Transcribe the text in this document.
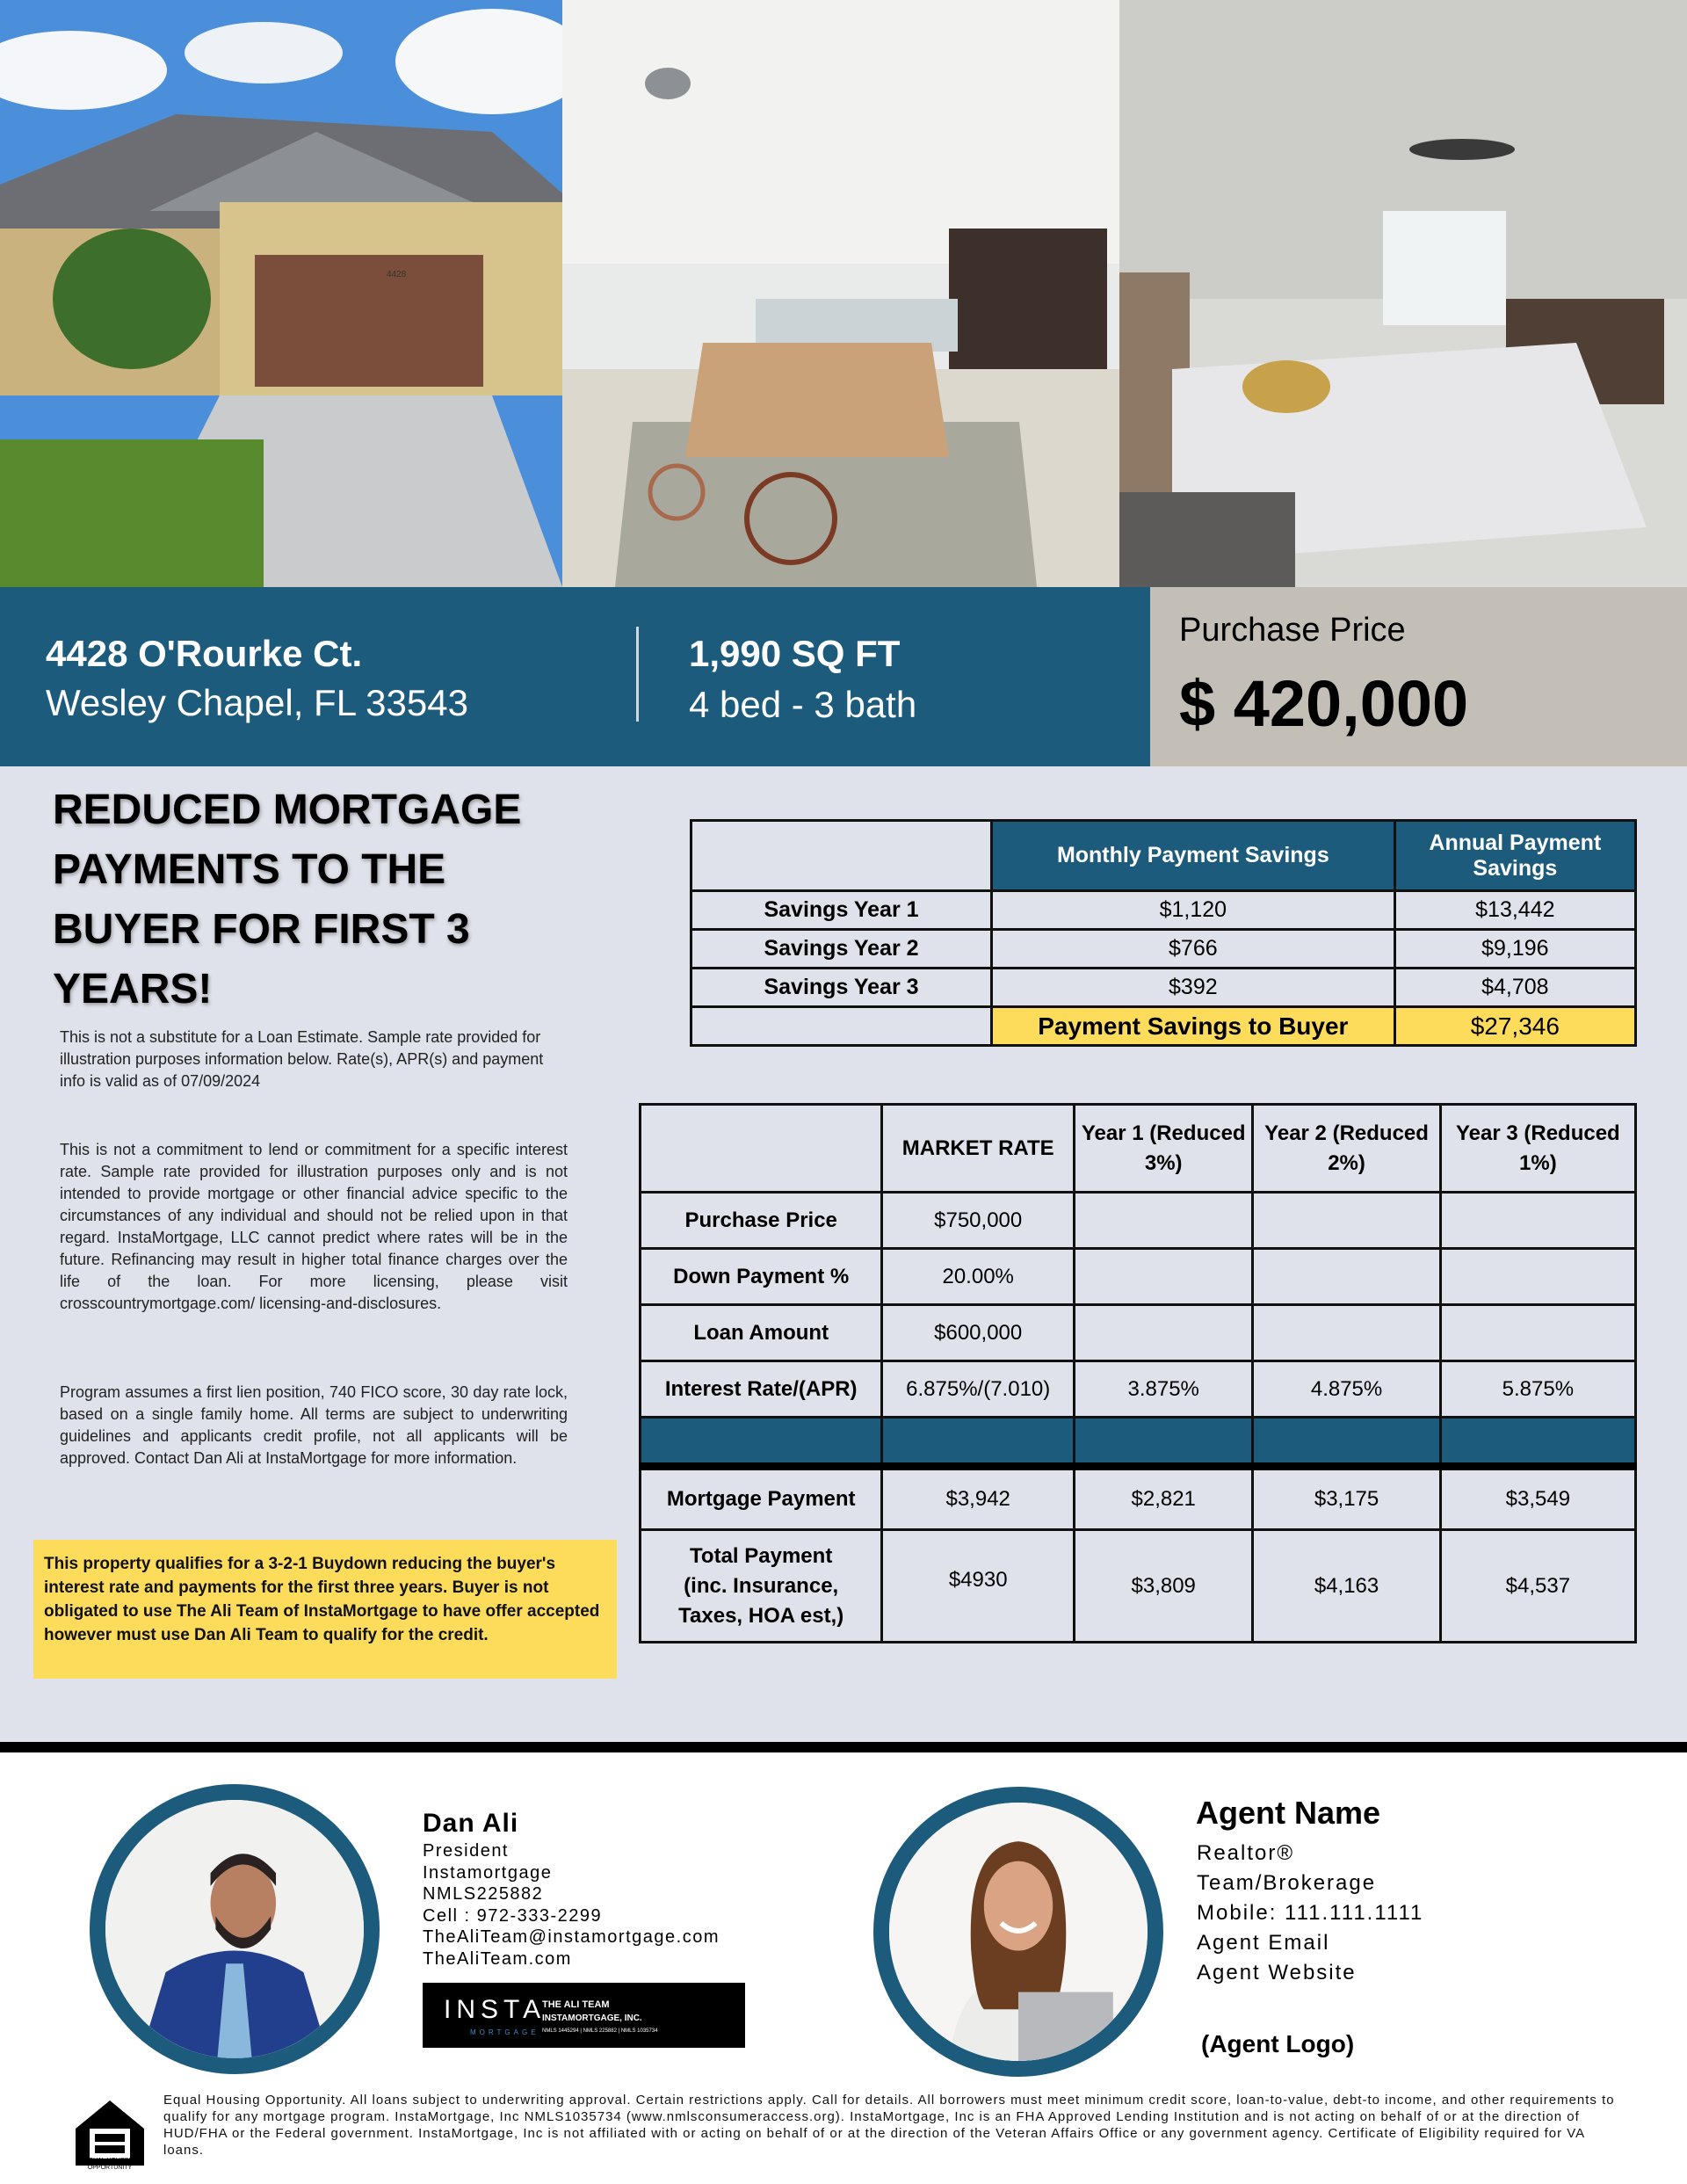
4428
4428 O'Rourke Ct.
Wesley Chapel, FL 33543
1,990 SQ FT
4 bed - 3 bath
Purchase Price
$ 420,000
REDUCED MORTGAGE PAYMENTS TO THE BUYER FOR FIRST 3 YEARS!
This is not a substitute for a Loan Estimate. Sample rate provided for illustration purposes information below. Rate(s), APR(s) and payment info is valid as of 07/09/2024
This is not a commitment to lend or commitment for a specific interest rate. Sample rate provided for illustration purposes only and is not intended to provide mortgage or other financial advice specific to the circumstances of any individual and should not be relied upon in that regard. InstaMortgage, LLC cannot predict where rates will be in the future. Refinancing may result in higher total finance charges over the life of the loan. For more licensing, please visit crosscountrymortgage.com/ licensing-and-disclosures.
Program assumes a first lien position, 740 FICO score, 30 day rate lock, based on a single family home. All terms are subject to underwriting guidelines and applicants credit profile, not all applicants will be approved. Contact Dan Ali at InstaMortgage for more information.
This property qualifies for a 3-2-1 Buydown reducing the buyer's interest rate and payments for the first three years. Buyer is not obligated to use The Ali Team of InstaMortgage to have offer accepted however must use Dan Ali Team to qualify for the credit.
	Monthly Payment Savings	Annual Payment Savings
Savings Year 1	$1,120	$13,442
Savings Year 2	$766	$9,196
Savings Year 3	$392	$4,708
	Payment Savings to Buyer	$27,346
	MARKET RATE	Year 1 (Reduced 3%)	Year 2 (Reduced 2%)	Year 3 (Reduced 1%)
Purchase Price	$750,000			
Down Payment %	20.00%			
Loan Amount	$600,000			
Interest Rate/(APR)	6.875%/(7.010)	3.875%	4.875%	5.875%

Mortgage Payment	$3,942	$2,821	$3,175	$3,549
Total Payment (inc. Insurance, Taxes, HOA est,)	$4930	$3,809	$4,163	$4,537
Dan Ali
President
Instamortgage
NMLS225882
Cell : 972-333-2299
TheAliTeam@instamortgage.com
TheAliTeam.com
INSTA
MORTGAGE
THE ALI TEAM
INSTAMORTGAGE, INC.
NMLS 1445294 | NMLS 225882 | NMLS 1035734
Agent Name
Realtor®
Team/Brokerage
Mobile: 111.111.1111
Agent Email
Agent Website
(Agent Logo)
EQUAL HOUSING OPPORTUNITY
Equal Housing Opportunity. All loans subject to underwriting approval. Certain restrictions apply. Call for details. All borrowers must meet minimum credit score, loan-to-value, debt-to income, and other requirements to qualify for any mortgage program. InstaMortgage, Inc NMLS1035734 (www.nmlsconsumeraccess.org). InstaMortgage, Inc is an FHA Approved Lending Institution and is not acting on behalf of or at the direction of HUD/FHA or the Federal government. InstaMortgage, Inc is not affiliated with or acting on behalf of or at the direction of the Veteran Affairs Office or any government agency. Certificate of Eligibility required for VA loans.
